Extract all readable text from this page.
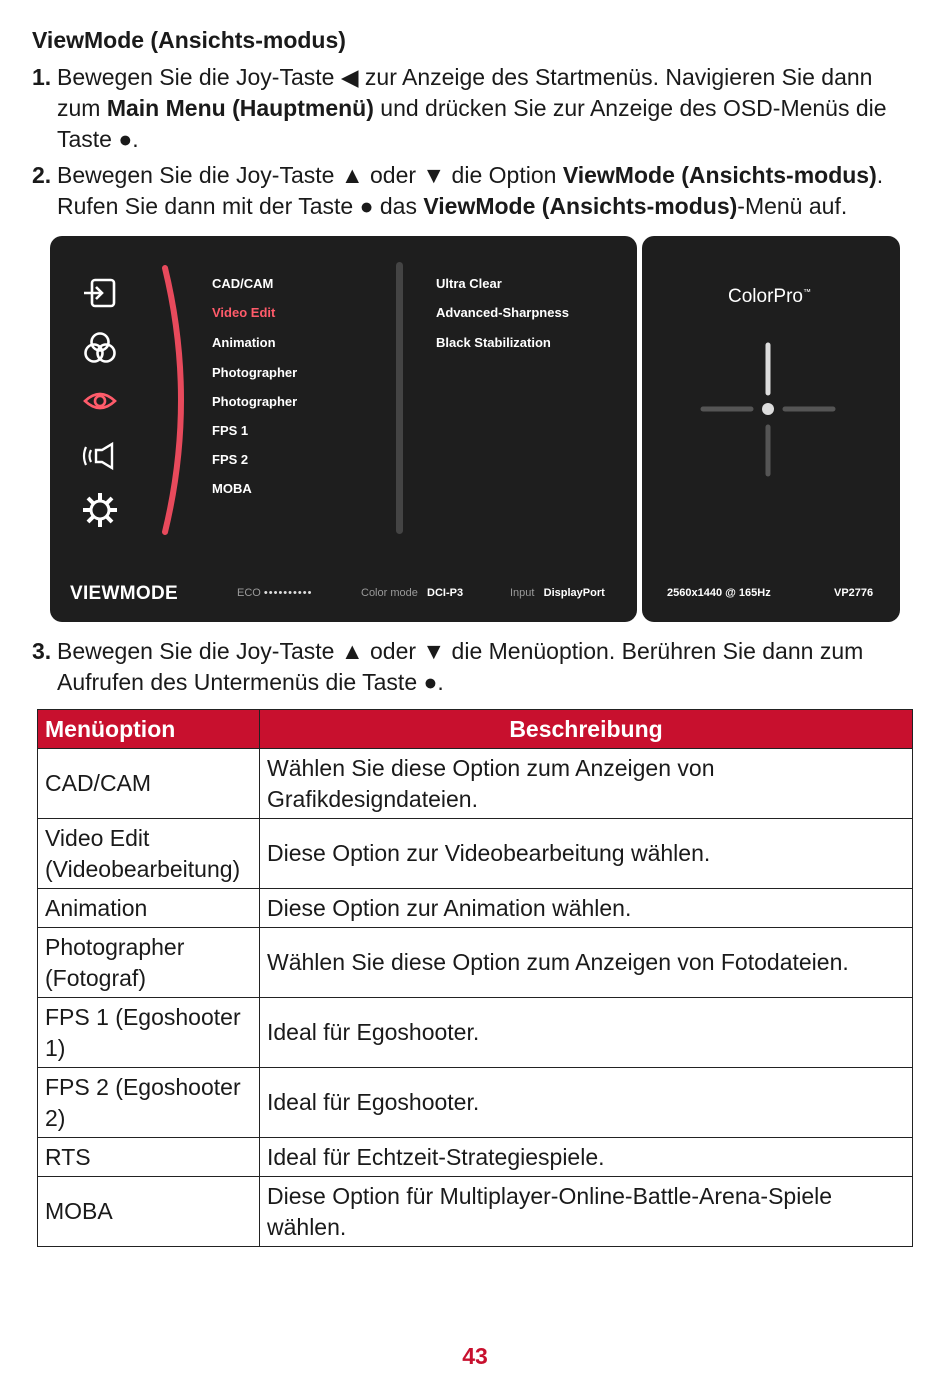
ViewMode (Ansichts-modus)
1. Bewegen Sie die Joy-Taste ◀ zur Anzeige des Startmenüs. Navigieren Sie dann
zum Main Menu (Hauptmenü) und drücken Sie zur Anzeige des OSD-Menüs die
Taste ●.
2. Bewegen Sie die Joy-Taste ▲ oder ▼ die Option ViewMode (Ansichts-modus).
Rufen Sie dann mit der Taste ● das ViewMode (Ansichts-modus)-Menü auf.
CAD/CAM
Video Edit
Animation
Photographer
Photographer
FPS 1
FPS 2
MOBA
Ultra Clear
Advanced-Sharpness
Black Stabilization
VIEWMODE	ECO ••••••••••	Color mode DCI-P3	Input DisplayPort
ColorPro™
2560x1440 @ 165Hz	VP2776
3. Bewegen Sie die Joy-Taste ▲ oder ▼ die Menüoption. Berühren Sie dann zum
Aufrufen des Untermenüs die Taste ●.
Menüoption	Beschreibung
CAD/CAM	Wählen Sie diese Option zum Anzeigen von Grafikdesigndateien.
Video Edit (Videobearbeitung)	Diese Option zur Videobearbeitung wählen.
Animation	Diese Option zur Animation wählen.
Photographer (Fotograf)	Wählen Sie diese Option zum Anzeigen von Fotodateien.
FPS 1 (Egoshooter 1)	Ideal für Egoshooter.
FPS 2 (Egoshooter 2)	Ideal für Egoshooter.
RTS	Ideal für Echtzeit-Strategiespiele.
MOBA	Diese Option für Multiplayer-Online-Battle-Arena-Spiele wählen.
43
